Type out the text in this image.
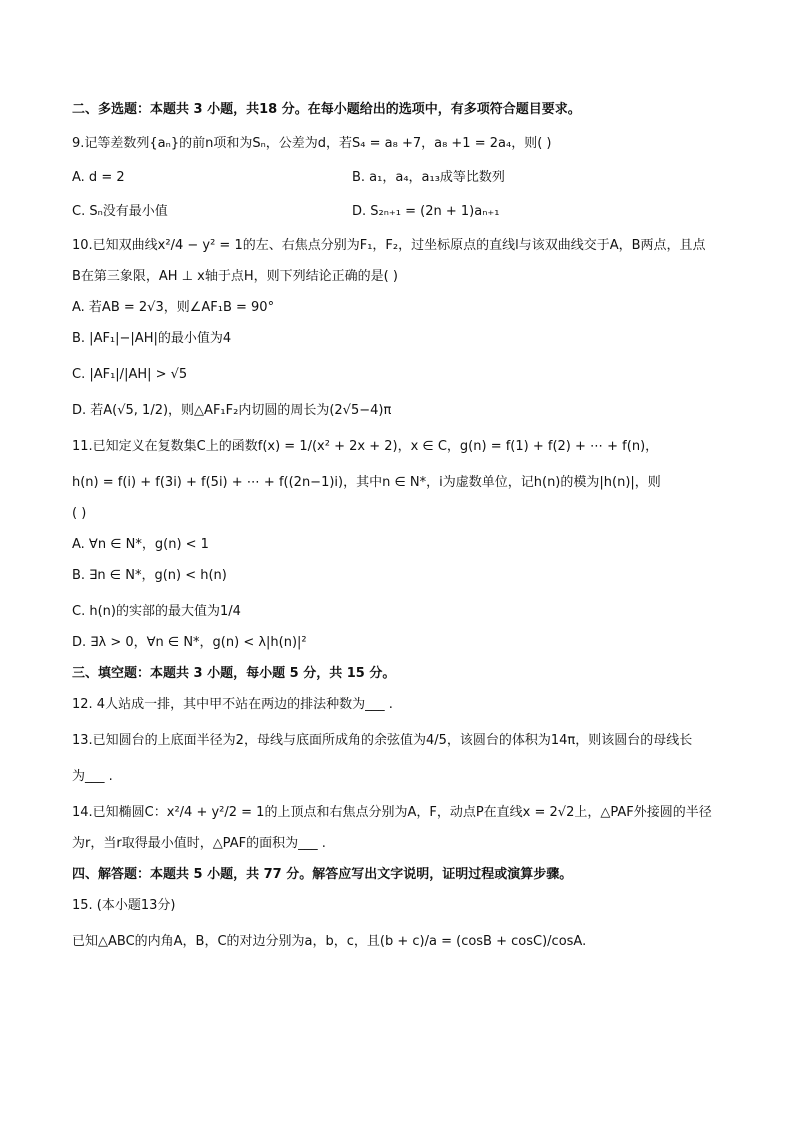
二、多选题：本题共 3 小题，共18 分。在每小题给出的选项中，有多项符合题目要求。
9.记等差数列{aₙ}的前n项和为Sₙ，公差为d，若S₄ = a₈ +7，a₈ +1 = 2a₄，则( )
A. d = 2	B. a₁，a₄，a₁₃成等比数列
C. Sₙ没有最小值	D. S₂ₙ₊₁ = (2n + 1)aₙ₊₁
10.已知双曲线x²/4 − y² = 1的左、右焦点分别为F₁，F₂，过坐标原点的直线l与该双曲线交于A，B两点，且点
B在第三象限，AH ⊥ x轴于点H，则下列结论正确的是( )
A. 若AB = 2√3，则∠AF₁B = 90°
B. |AF₁|−|AH|的最小值为4
C. |AF₁|/|AH| > √5
D. 若A(√5, 1/2)，则△AF₁F₂内切圆的周长为(2√5−4)π
11.已知定义在复数集C上的函数f(x) = 1/(x² + 2x + 2)，x ∈ C，g(n) = f(1) + f(2) + ⋯ + f(n)，
h(n) = f(i) + f(3i) + f(5i) + ⋯ + f((2n−1)i)，其中n ∈ N*，i为虚数单位，记h(n)的模为|h(n)|，则
( )
A. ∀n ∈ N*，g(n) < 1
B. ∃n ∈ N*，g(n) < h(n)
C. h(n)的实部的最大值为1/4
D. ∃λ > 0，∀n ∈ N*，g(n) < λ|h(n)|²
三、填空题：本题共 3 小题，每小题 5 分，共 15 分。
12. 4人站成一排，其中甲不站在两边的排法种数为___ .
13.已知圆台的上底面半径为2，母线与底面所成角的余弦值为4/5，该圆台的体积为14π，则该圆台的母线长
为___ .
14.已知椭圆C：x²/4 + y²/2 = 1的上顶点和右焦点分别为A，F，动点P在直线x = 2√2上，△PAF外接圆的半径
为r，当r取得最小值时，△PAF的面积为___ .
四、解答题：本题共 5 小题，共 77 分。解答应写出文字说明，证明过程或演算步骤。
15. (本小题13分)
已知△ABC的内角A，B，C的对边分别为a，b，c，且(b + c)/a = (cosB + cosC)/cosA.
